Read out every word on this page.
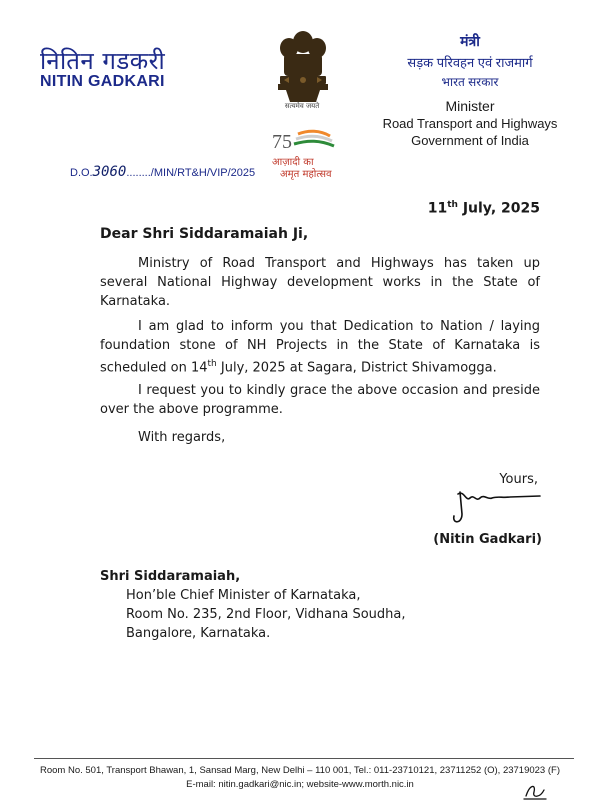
नितिन गडकरी
NITIN GADKARI
सत्यमेव जयते
75
आज़ादी का
अमृत महोत्सव
मंत्री
सड़क परिवहन एवं राजमार्ग
भारत सरकार
Minister
Road Transport and Highways
Government of India
D.O.3060......../MIN/RT&H/VIP/2025
11th July, 2025
Dear Shri Siddaramaiah Ji,
Ministry of Road Transport and Highways has taken up several National Highway development works in the State of Karnataka.
I am glad to inform you that Dedication to Nation / laying foundation stone of NH Projects in the State of Karnataka is scheduled on 14th July, 2025 at Sagara, District Shivamogga.
I request you to kindly grace the above occasion and preside over the above programme.
With regards,
Yours,
(Nitin Gadkari)
Shri Siddaramaiah,
Hon’ble Chief Minister of Karnataka,
Room No. 235, 2nd Floor, Vidhana Soudha,
Bangalore, Karnataka.
Room No. 501, Transport Bhawan, 1, Sansad Marg, New Delhi – 110 001, Tel.: 011-23710121, 23711252 (O), 23719023 (F)
E-mail: nitin.gadkari@nic.in; website-www.morth.nic.in
